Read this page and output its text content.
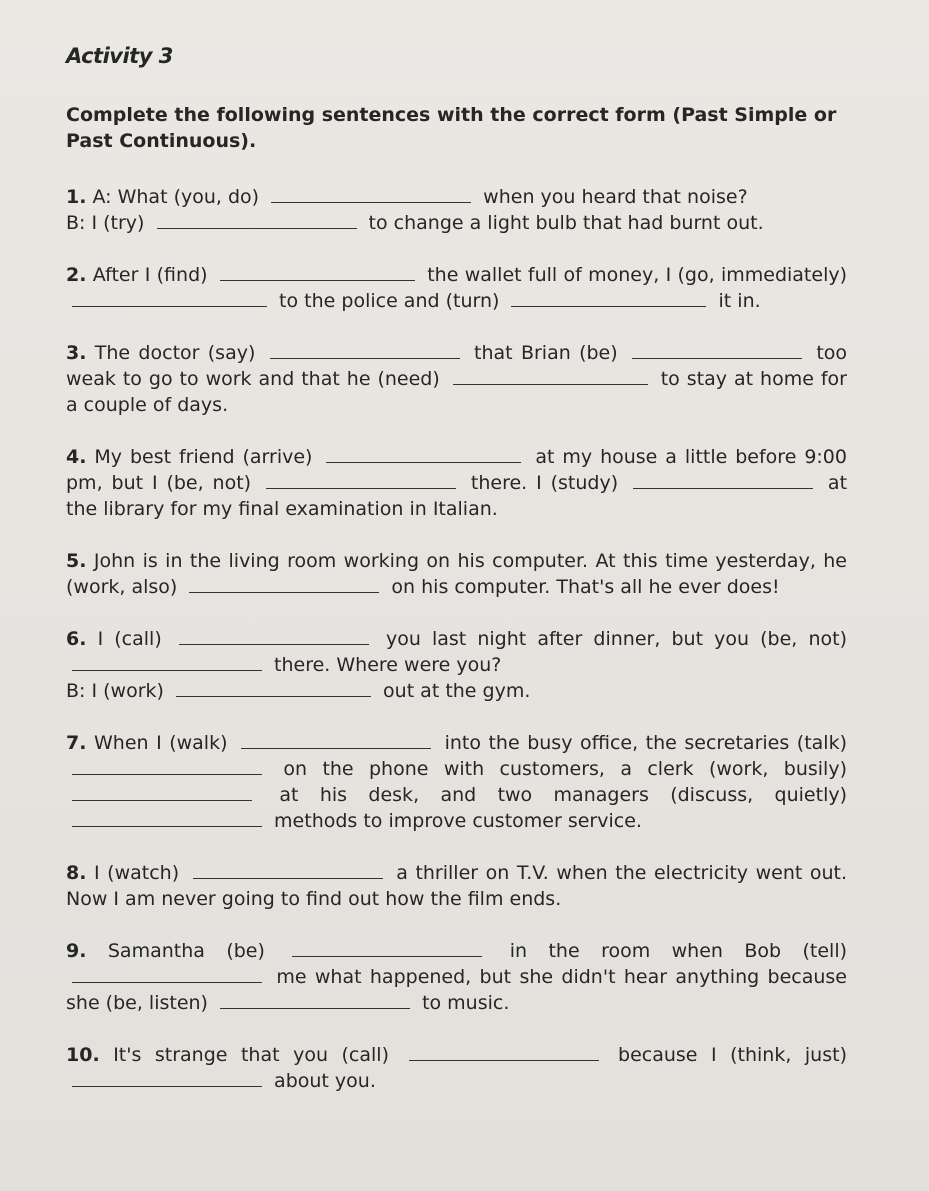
Activity 3
Complete the following sentences with the correct form (Past Simple or Past Continuous).
1. A: What (you, do)	when you heard that noise?
B: I (try)	to change a light bulb that had burnt out.
2. After I (find)	the wallet full of money, I (go, immediately)  to the police and (turn)	it in.
3. The doctor (say)	that Brian (be)	too weak to go to work and that he (need)	to stay at home for a couple of days.
4. My best friend (arrive)	at my house a little before 9:00 pm, but I (be, not)	there. I (study)	at the library for my final examination in Italian.
5. John is in the living room working on his computer. At this time yesterday, he (work, also)	on his computer. That's all he ever does!
6. I (call)	you last night after dinner, but you (be, not)  there. Where were you?
B: I (work)	out at the gym.
7. When I (walk)	into the busy office, the secretaries (talk)  on the phone with customers, a clerk (work, busily)  at his desk, and two managers (discuss, quietly)  methods to improve customer service.
8. I (watch)	a thriller on T.V. when the electricity went out. Now I am never going to find out how the film ends.
9. Samantha (be)	in the room when Bob (tell)  me what happened, but she didn't hear anything because she (be, listen)	to music.
10. It's strange that you (call)	because I (think, just)  about you.
